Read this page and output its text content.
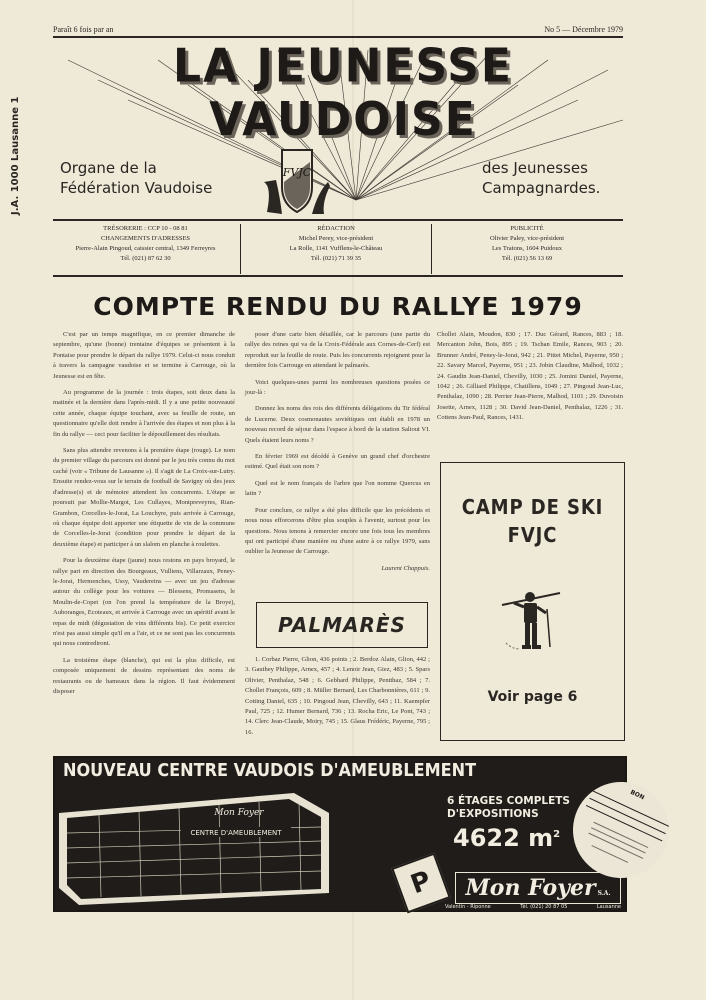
Paraît 6 fois par an	No 5 — Décembre 1979
J.A. 1000 Lausanne 1
LA JEUNESSE VAUDOISE
Organe de la
Fédération Vaudoise
des Jeunesses
Campagnardes.
FVJC
TRÉSORERIE : CCP 10 - 08 81
CHANGEMENTS D'ADRESSES
Pierre-Alain Pingoud, caissier central, 1349 Ferreyres
Tél. (021) 87 62 30
RÉDACTION
Michel Perey, vice-président
La Rolle, 1141 Vufflens-le-Château
Tél. (021) 71 39 35
PUBLICITÉ
Olivier Paley, vice-président
Les Tratons, 1604 Puidoux
Tél. (021) 56 13 69
COMPTE RENDU DU RALLYE 1979

C'est par un temps magnifique, en ce premier dimanche de septembre, qu'une (bonne) trentaine d'équipes se présentent à la Pontaise pour prendre le départ du rallye 1979. Celui-ci nous conduit à travers la campagne vaudoise et se termine à Carrouge, où la Jeunesse est en fête.

Au programme de la journée : trois étapes, soit deux dans la matinée et la dernière dans l'après-midi. Il y a une petite nouveauté cette année, chaque équipe touchant, avec sa feuille de route, un questionnaire qu'elle doit rendre à l'arrivée des étapes et non plus à la fin du rallye — ceci pour faciliter le dépouillement des résultats.

Sans plus attendre revenons à la première étape (rouge). Le nom du premier village du parcours est donné par le jeu très connu du mot caché (voir « Tribune de Lausanne »). Il s'agit de La Croix-sur-Lutry. Ensuite rendez-vous sur le terrain de football de Savigny où des jeux d'adresse(s) et de mémoire attendent les concurrents. L'étape se poursuit par Mollie-Margot, Les Cullayes, Montpreveyres, Rian-Grambon, Corcelles-le-Jorat, La Louchyre, puis arrivée à Carrouge, où chaque équipe doit apporter une étiquette de vin de la commune de Corcelles-le-Jorat (condition pour prendre le départ de la deuxième étape) et participer à un slalom en planche à roulettes.

Pour la deuxième étape (jaune) nous restons en pays broyard, le rallye part en direction des Bourgeaux, Vulliens, Villarzaux, Peney-le-Jorat, Hermenches, Ussy, Vaudereins — avec un jeu d'adresse autour du collège pour les voitures — Blessens, Promasens, le Moulin-de-Copet (on l'on prend la température de la Broye), Auboranges, Ecoteaux, et arrivée à Carrouge avec un apéritif avant le repas de midi (dégustation de vins différents bis). Ce petit exercice n'est pas aussi simple qu'il en a l'air, et ce ne sont pas les concurrents qui nous contrediront.

La troisième étape (blanche), qui est la plus difficile, est composée uniquement de dessins représentant des noms de restaurants ou de hameaux dans la région. Il faut évidemment disposer

poser d'une carte bien détaillée, car le parcours (une partie du rallye des reines qui va de la Croix-Fédérale aux Cornes-de-Cerf) est reproduit sur la feuille de route. Puis les concurrents rejoignent pour la dernière fois Carrouge en attendant le palmarès.

Voici quelques-unes parmi les nombreuses questions posées ce jour-là :

Donnez les noms des rois des différents délégations du Tir fédéral de Lucerne. Deux cosmonautes soviétiques ont établi en 1978 un nouveau record de séjour dans l'espace à bord de la station Saliout VI. Quels étaient leurs noms ?

En février 1969 est décédé à Genève un grand chef d'orchestre estimé. Quel était son nom ?

Quel est le nom français de l'arbre que l'on nomme Quercus en latin ?

Pour conclure, ce rallye a été plus difficile que les précédents et nous nous efforcerons d'être plus souples à l'avenir, surtout pour les questions. Nous tenons à remercier encore une fois tous les membres qui ont participé d'une manière ou d'une autre à ce rallye 1979, sans oublier la Jeunesse de Carrouge.

Laurent Chappuis.
PALMARÈS
1. Corbaz Pierre, Glion, 436 points ; 2. Berdoz Alain, Glion, 442 ; 3. Gauthey Philippe, Arnex, 457 ; 4. Lenoir Jean, Giez, 483 ; 5. Spars Olivier, Penthalaz, 548 ; 6. Gebhard Philippe, Pentthaz, 584 ; 7. Chollet François, 609 ; 8. Müller Bernard, Les Charbonnières, 611 ; 9. Cotting Daniel, 635 ; 10. Pingoud Jean, Chevilly, 643 ; 11. Kaempfer Paul, 725 ; 12. Humer Bernard, 736 ; 13. Rocha Eric, Le Pont, 743 ; 14. Clerc Jean-Claude, Moiry, 745 ; 15. Glaus Frédéric, Payerne, 795 ; 16.

Chollet Alain, Moudon, 830 ; 17. Duc Gérard, Rances, 883 ; 18. Mercanton John, Bois, 895 ; 19. Tschan Emile, Rances, 903 ; 20. Brunner André, Peney-le-Jorat, 942 ; 21. Pittet Michel, Payerne, 950 ; 22. Savary Marcel, Payerne, 951 ; 23. Jobin Claudine, Malhod, 1032 ; 24. Gaudin Jean-Daniel, Chevilly, 1030 ; 25. Jomini Daniel, Payerne, 1042 ; 26. Gilliard Philippe, Chatillens, 1049 ; 27. Pingoud Jean-Luc, Penthalaz, 1090 ; 28. Perrier Jean-Pierre, Malhod, 1101 ; 29. Duvoisin Josette, Arnex, 1128 ; 30. David Jean-Daniel, Penthalaz, 1226 ; 31. Cottens Jean-Paul, Rances, 1431.

CAMP DE SKI
FVJC
Voir page 6
NOUVEAU CENTRE VAUDOIS D'AMEUBLEMENT
CENTRE D'AMEUBLEMENT
Mon Foyer
6 ÉTAGES COMPLETS
D'EXPOSITIONS
4622 $m^2$
BON
P Mon Foyer S.A.
Valentin - Riponne	Tél. (021) 20 87 05	Lausanne
